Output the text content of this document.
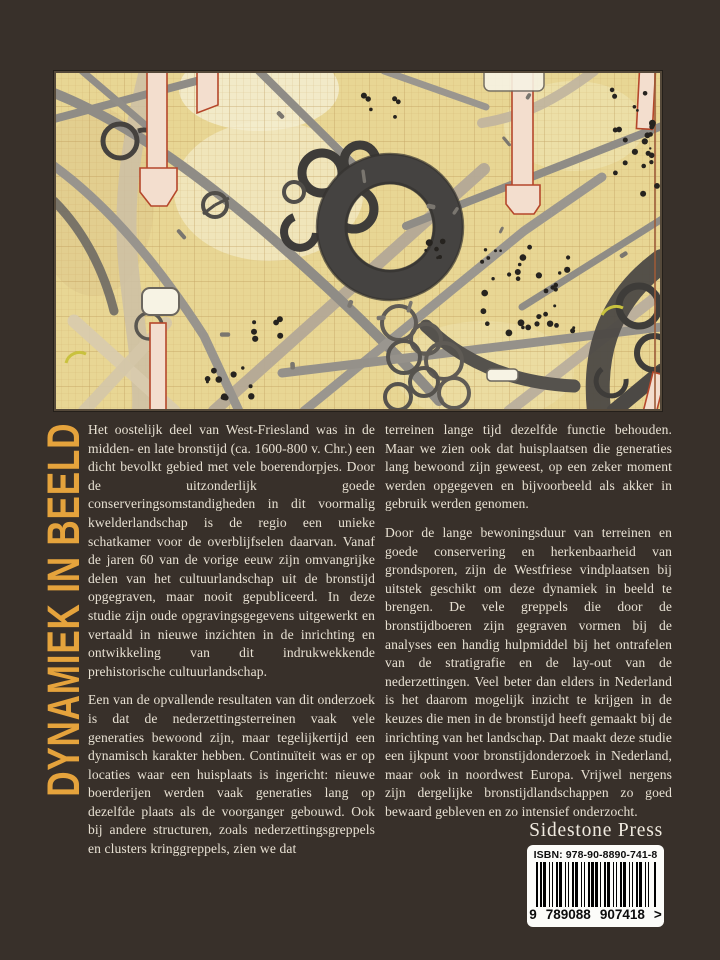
DYNAMIEK IN BEELD Het oostelijk deel van West-Friesland was in de midden- en late bronstijd (ca. 1600-800 v. Chr.) een dicht bevolkt gebied met vele boerendorpjes. Door de uitzonderlijk goede conserveringsomstandigheden in dit voormalig kwelderlandschap is de regio een unieke schatkamer voor de overblijfselen daarvan. Vanaf de jaren 60 van de vorige eeuw zijn omvangrijke delen van het cultuurlandschap uit de bronstijd opgegraven, maar nooit gepubliceerd. In deze studie zijn oude opgravingsgegevens uitgewerkt en vertaald in nieuwe inzichten in de inrichting en ontwikkeling van dit indrukwekkende prehistorische cultuurlandschap.

Een van de opvallende resultaten van dit onderzoek is dat de nederzettingsterreinen vaak vele generaties bewoond zijn, maar tegelijkertijd een dynamisch karakter hebben. Continuïteit was er op locaties waar een huisplaats is ingericht: nieuwe boerderijen werden vaak generaties lang op dezelfde plaats als de voorganger gebouwd. Ook bij andere structuren, zoals nederzettingsgreppels en clusters kringgreppels, zien we dat

terreinen lange tijd dezelfde functie behouden. Maar we zien ook dat huisplaatsen die generaties lang bewoond zijn geweest, op een zeker moment werden opgegeven en bijvoorbeeld als akker in gebruik werden genomen.

Door de lange bewoningsduur van terreinen en goede conservering en herkenbaarheid van grondsporen, zijn de Westfriese vindplaatsen bij uitstek geschikt om deze dynamiek in beeld te brengen. De vele greppels die door de bronstijdboeren zijn gegraven vormen bij de analyses een handig hulpmiddel bij het ontrafelen van de stratigrafie en de lay-out van de nederzettingen. Veel beter dan elders in Nederland is het daarom mogelijk inzicht te krijgen in de keuzes die men in de bronstijd heeft gemaakt bij de inrichting van het landschap. Dat maakt deze studie een ijkpunt voor bronstijdonderzoek in Nederland, maar ook in noordwest Europa. Vrijwel nergens zijn dergelijke bronstijdlandschappen zo goed bewaard gebleven en zo intensief onderzocht.

Sidestone Press
ISBN: 978-90-8890-741-8
9 789088 907418 >
